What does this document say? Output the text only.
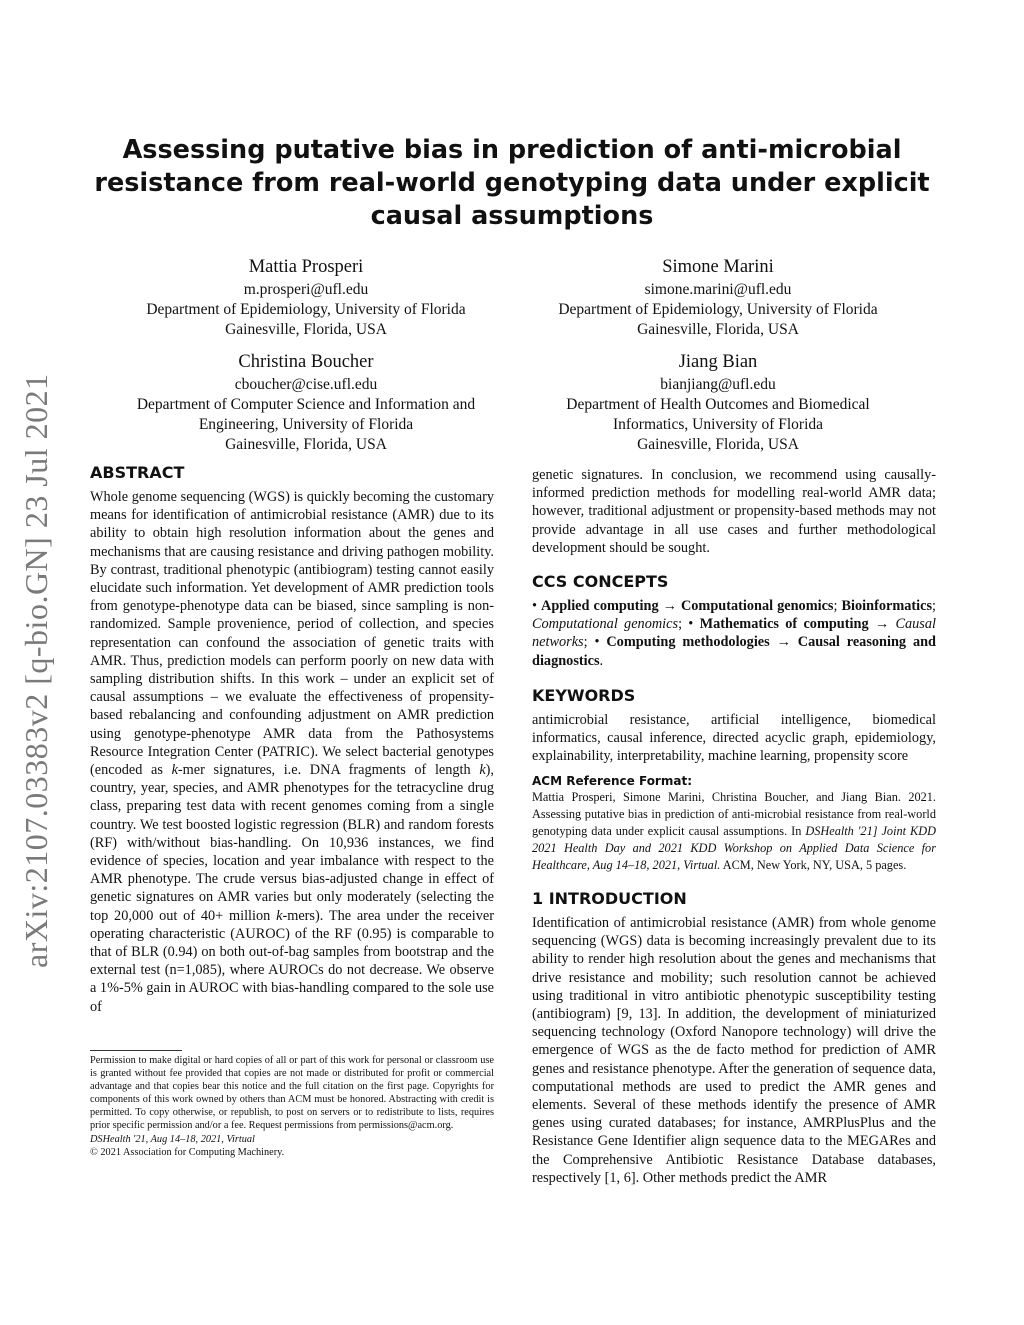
arXiv:2107.03383v2 [q-bio.GN] 23 Jul 2021
Assessing putative bias in prediction of anti-microbial resistance from real-world genotyping data under explicit causal assumptions
Mattia Prosperi
m.prosperi@ufl.edu
Department of Epidemiology, University of Florida
Gainesville, Florida, USA
Simone Marini
simone.marini@ufl.edu
Department of Epidemiology, University of Florida
Gainesville, Florida, USA
Christina Boucher
cboucher@cise.ufl.edu
Department of Computer Science and Information and
Engineering, University of Florida
Gainesville, Florida, USA
Jiang Bian
bianjiang@ufl.edu
Department of Health Outcomes and Biomedical
Informatics, University of Florida
Gainesville, Florida, USA
ABSTRACT

Whole genome sequencing (WGS) is quickly becoming the customary means for identification of antimicrobial resistance (AMR) due to its ability to obtain high resolution information about the genes and mechanisms that are causing resistance and driving pathogen mobility. By contrast, traditional phenotypic (antibiogram) testing cannot easily elucidate such information. Yet development of AMR prediction tools from genotype-phenotype data can be biased, since sampling is non-randomized. Sample provenience, period of collection, and species representation can confound the association of genetic traits with AMR. Thus, prediction models can perform poorly on new data with sampling distribution shifts. In this work – under an explicit set of causal assumptions – we evaluate the effectiveness of propensity-based rebalancing and confounding adjustment on AMR prediction using genotype-phenotype AMR data from the Pathosystems Resource Integration Center (PATRIC). We select bacterial genotypes (encoded as k-mer signatures, i.e. DNA fragments of length k), country, year, species, and AMR phenotypes for the tetracycline drug class, preparing test data with recent genomes coming from a single country. We test boosted logistic regression (BLR) and random forests (RF) with/without bias-handling. On 10,936 instances, we find evidence of species, location and year imbalance with respect to the AMR phenotype. The crude versus bias-adjusted change in effect of genetic signatures on AMR varies but only moderately (selecting the top 20,000 out of 40+ million k-mers). The area under the receiver operating characteristic (AUROC) of the RF (0.95) is comparable to that of BLR (0.94) on both out-of-bag samples from bootstrap and the external test (n=1,085), where AUROCs do not decrease. We observe a 1%-5% gain in AUROC with bias-handling compared to the sole use of

Permission to make digital or hard copies of all or part of this work for personal or classroom use is granted without fee provided that copies are not made or distributed for profit or commercial advantage and that copies bear this notice and the full citation on the first page. Copyrights for components of this work owned by others than ACM must be honored. Abstracting with credit is permitted. To copy otherwise, or republish, to post on servers or to redistribute to lists, requires prior specific permission and/or a fee. Request permissions from permissions@acm.org.
DSHealth '21, Aug 14–18, 2021, Virtual
© 2021 Association for Computing Machinery.

genetic signatures. In conclusion, we recommend using causally-informed prediction methods for modelling real-world AMR data; however, traditional adjustment or propensity-based methods may not provide advantage in all use cases and further methodological development should be sought.

CCS CONCEPTS

• Applied computing → Computational genomics; Bioinformatics; Computational genomics; • Mathematics of computing → Causal networks; • Computing methodologies → Causal reasoning and diagnostics.

KEYWORDS

antimicrobial resistance, artificial intelligence, biomedical informatics, causal inference, directed acyclic graph, epidemiology, explainability, interpretability, machine learning, propensity score

ACM Reference Format:

Mattia Prosperi, Simone Marini, Christina Boucher, and Jiang Bian. 2021. Assessing putative bias in prediction of anti-microbial resistance from real-world genotyping data under explicit causal assumptions. In DSHealth '21] Joint KDD 2021 Health Day and 2021 KDD Workshop on Applied Data Science for Healthcare, Aug 14–18, 2021, Virtual. ACM, New York, NY, USA, 5 pages.

1 INTRODUCTION

Identification of antimicrobial resistance (AMR) from whole genome sequencing (WGS) data is becoming increasingly prevalent due to its ability to render high resolution about the genes and mechanisms that drive resistance and mobility; such resolution cannot be achieved using traditional in vitro antibiotic phenotypic susceptibility testing (antibiogram) [9, 13]. In addition, the development of miniaturized sequencing technology (Oxford Nanopore technology) will drive the emergence of WGS as the de facto method for prediction of AMR genes and resistance phenotype. After the generation of sequence data, computational methods are used to predict the AMR genes and elements. Several of these methods identify the presence of AMR genes using curated databases; for instance, AMRPlusPlus and the Resistance Gene Identifier align sequence data to the MEGARes and the Comprehensive Antibiotic Resistance Database databases, respectively [1, 6]. Other methods predict the AMR
